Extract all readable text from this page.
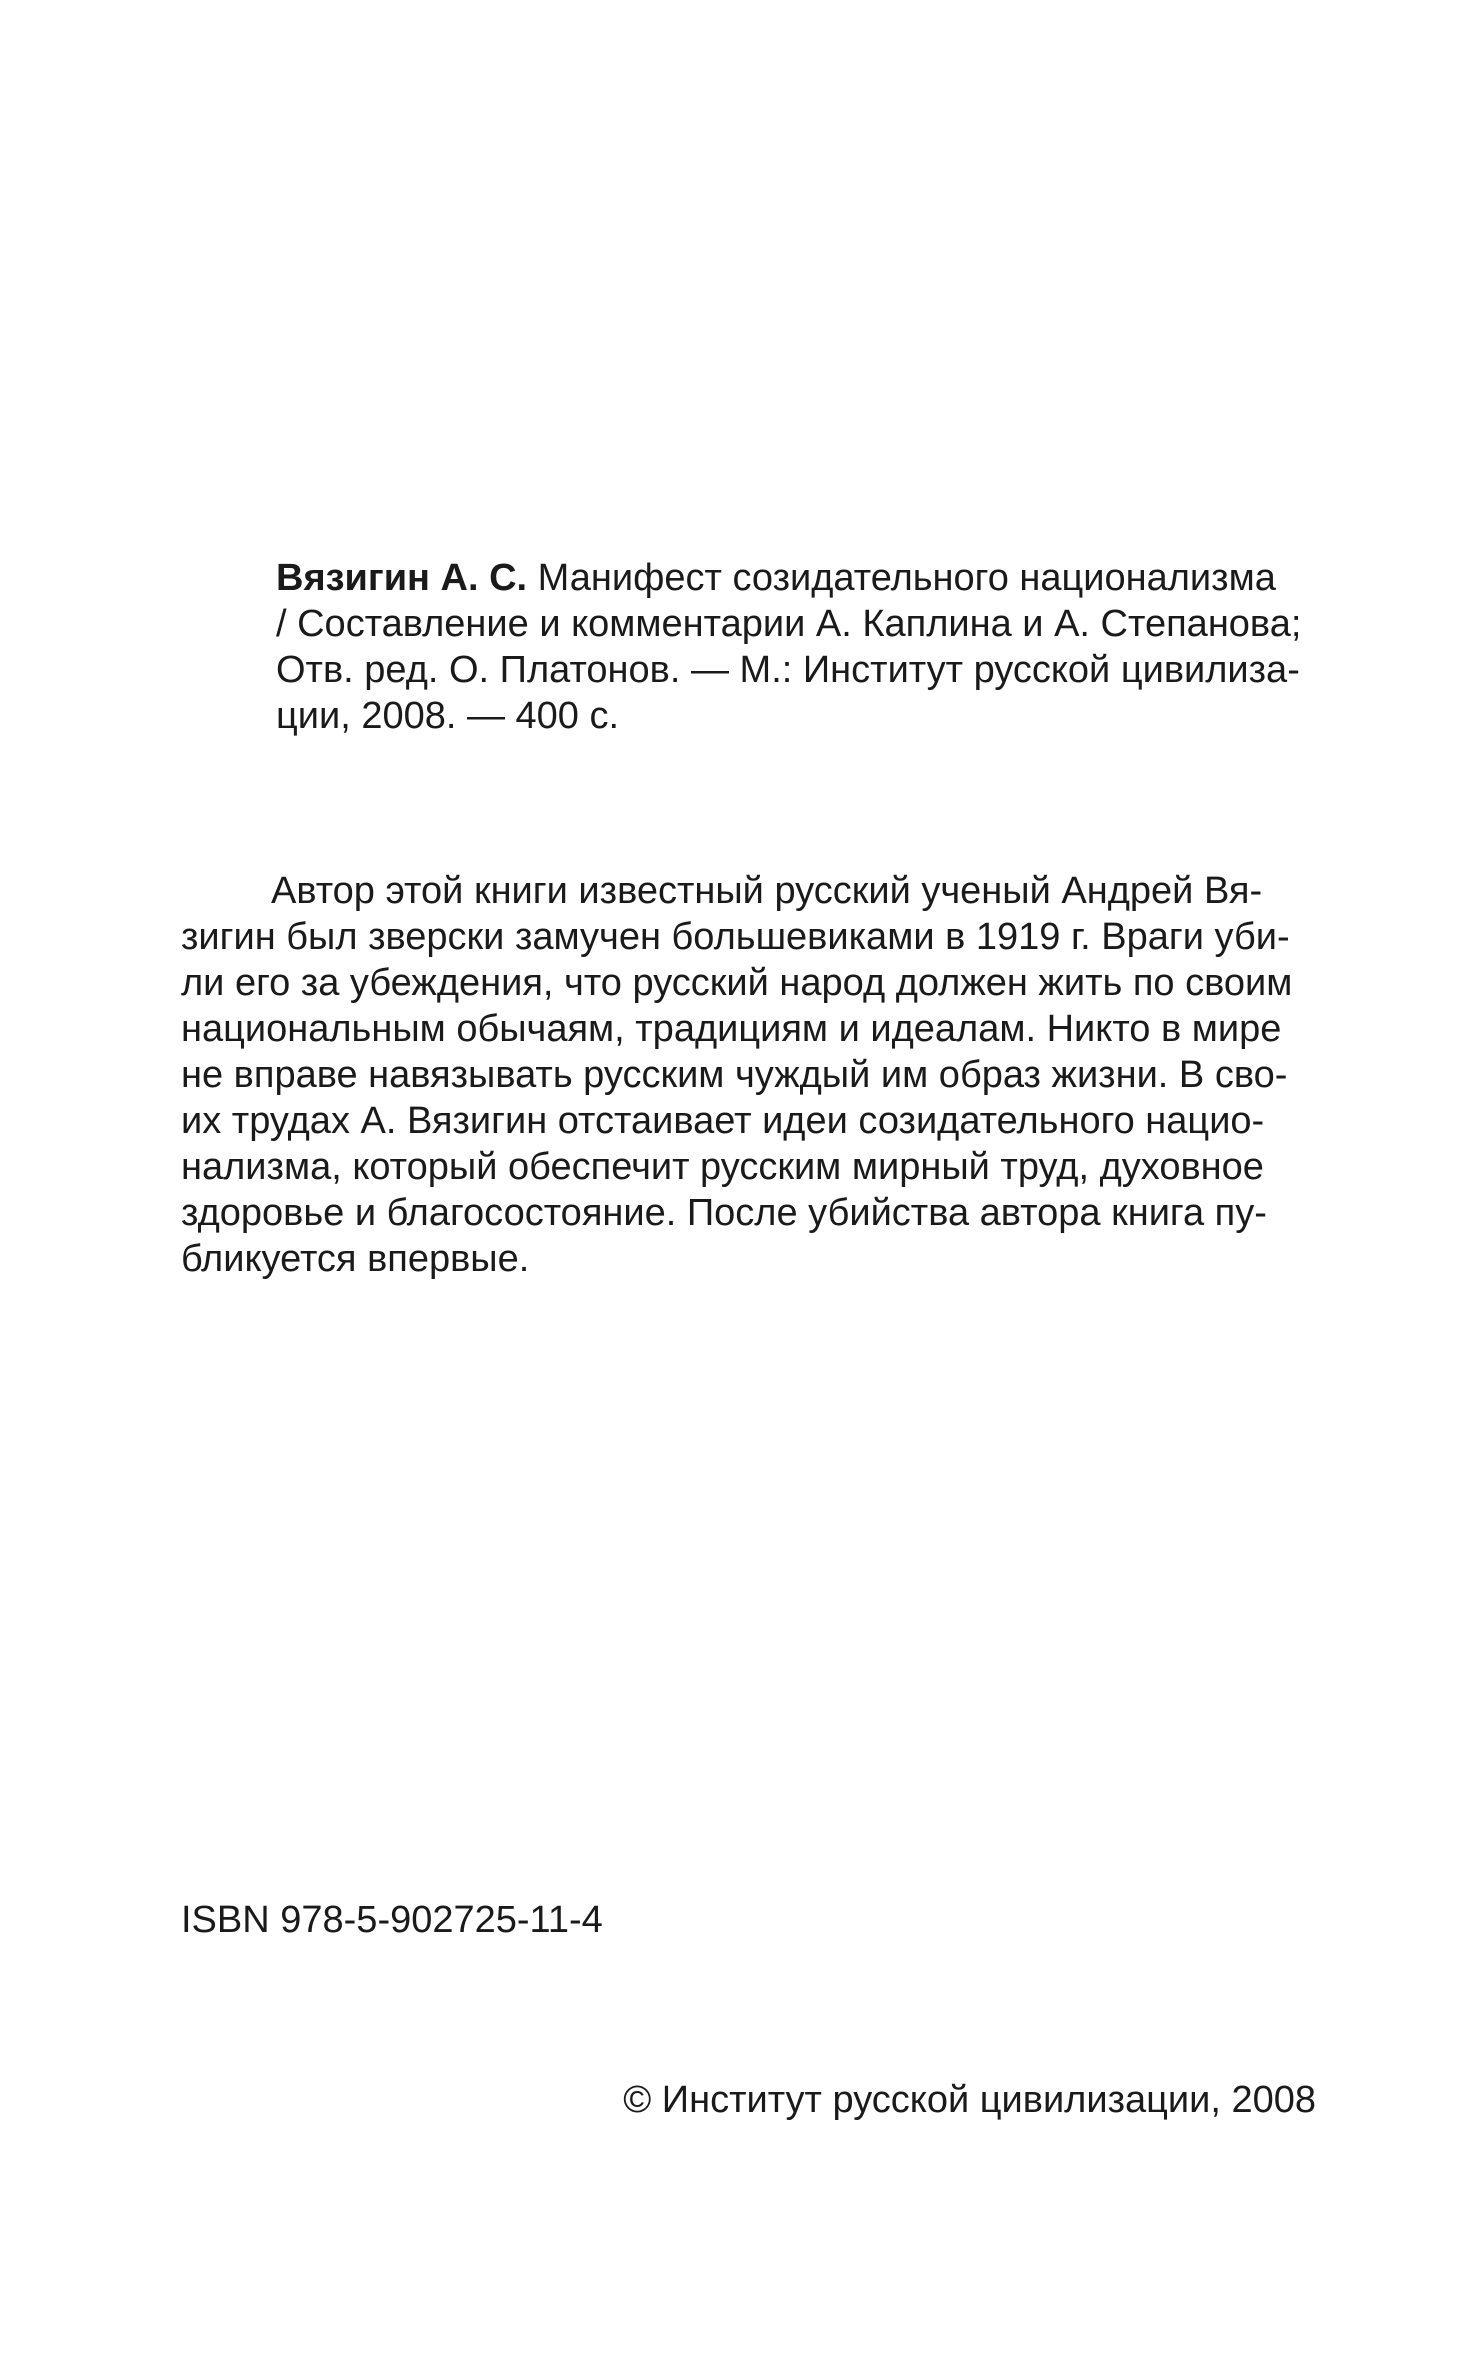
Вязигин А. С. Манифест созидательного национализма
/ Составление и комментарии А. Каплина и А. Степанова;
Отв. ред. О. Платонов. — М.: Институт русской цивилиза-
ции, 2008. — 400 с.
Автор этой книги известный русский ученый Андрей Вя-
зигин был зверски замучен большевиками в 1919 г. Враги уби-
ли его за убеждения, что русский народ должен жить по своим
национальным обычаям, традициям и идеалам. Никто в мире
не вправе навязывать русским чуждый им образ жизни. В сво-
их трудах А. Вязигин отстаивает идеи созидательного нацио-
нализма, который обеспечит русским мирный труд, духовное
здоровье и благосостояние. После убийства автора книга пу-
бликуется впервые.
ISBN 978-5-902725-11-4
© Институт русской цивилизации, 2008
